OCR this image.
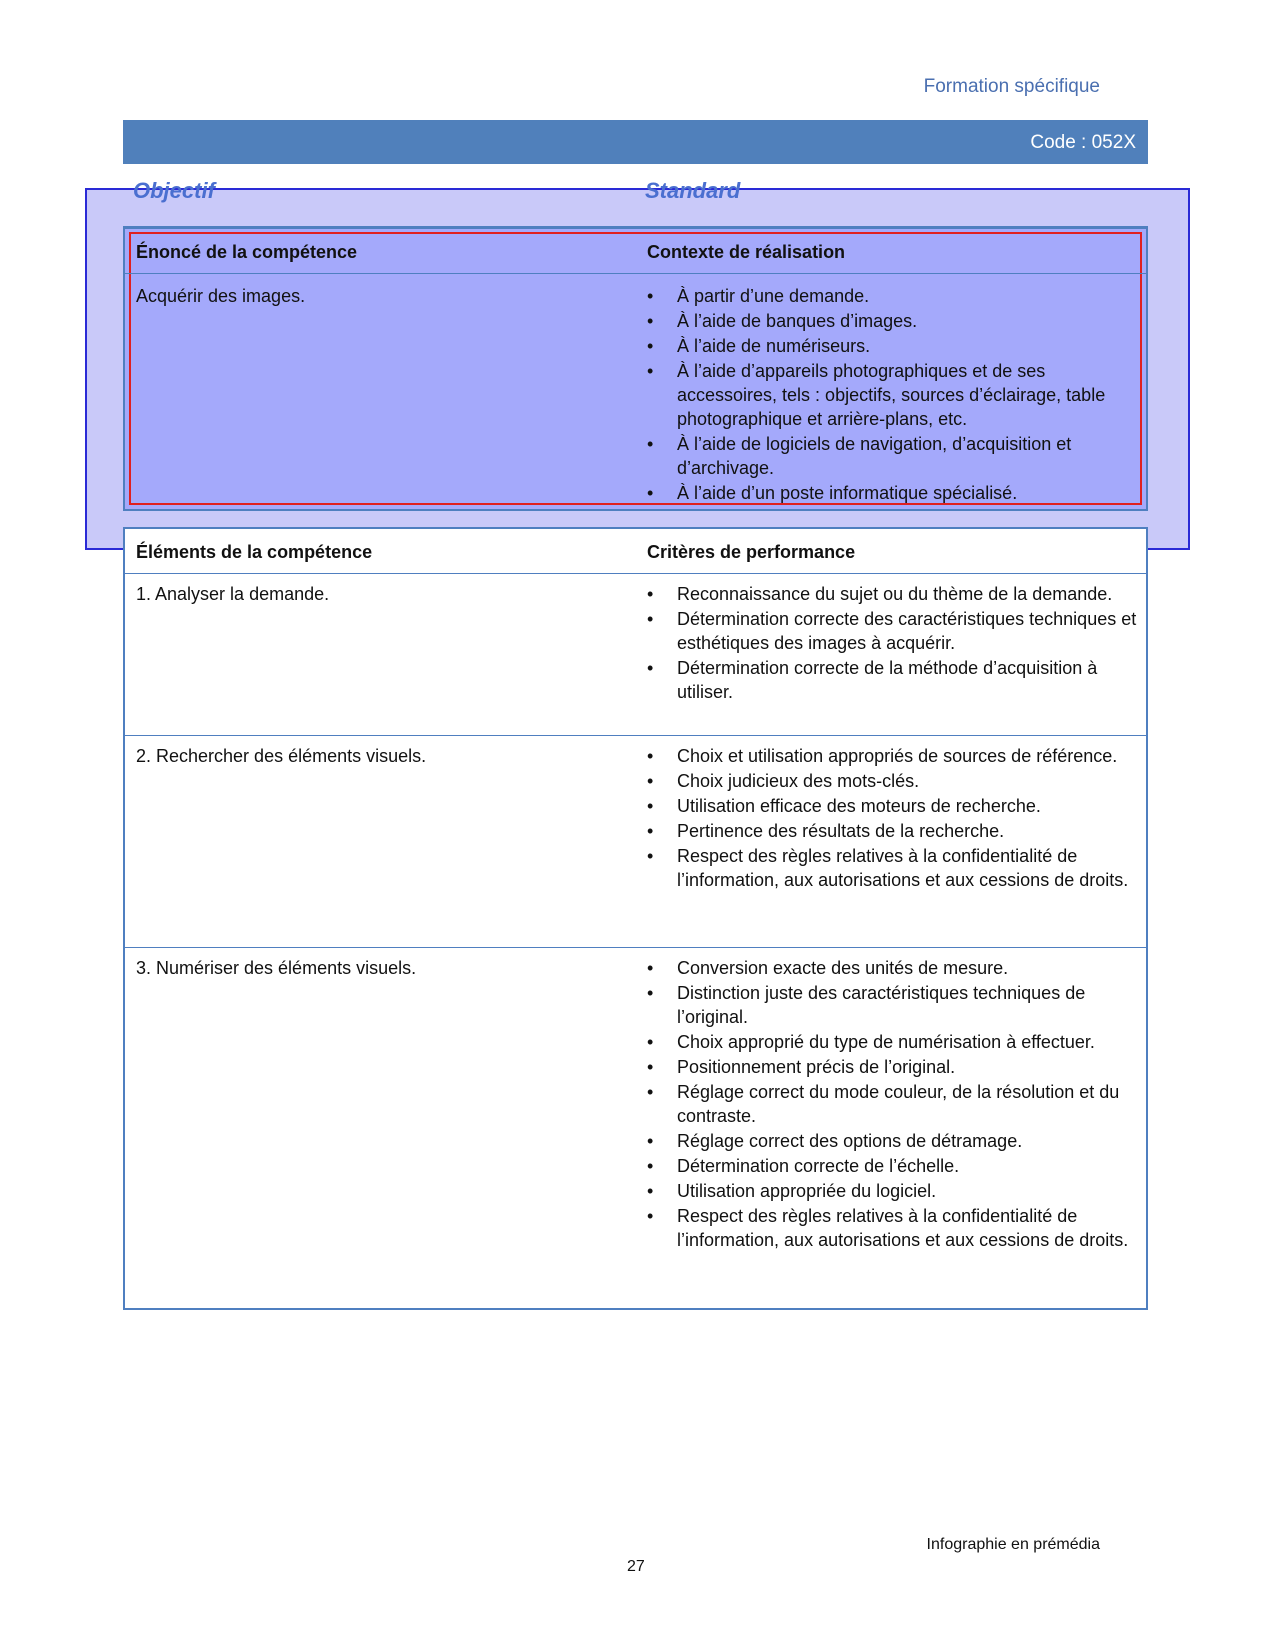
Formation spécifique
Code : 052X
Objectif	Standard
Énoncé de la compétence	Contexte de réalisation
Acquérir des images.	• À partir d’une demande.
• À l’aide de banques d’images.
• À l’aide de numériseurs.
• À l’aide d’appareils photographiques et de ses accessoires, tels : objectifs, sources d’éclairage, table photographique et arrière-plans, etc.
• À l’aide de logiciels de navigation, d’acquisition et d’archivage.
• À l’aide d’un poste informatique spécialisé.
Éléments de la compétence	Critères de performance
1. Analyser la demande.	• Reconnaissance du sujet ou du thème de la demande.
• Détermination correcte des caractéristiques techniques et esthétiques des images à acquérir.
• Détermination correcte de la méthode d’acquisition à utiliser.
2. Rechercher des éléments visuels.	• Choix et utilisation appropriés de sources de référence.
• Choix judicieux des mots-clés.
• Utilisation efficace des moteurs de recherche.
• Pertinence des résultats de la recherche.
• Respect des règles relatives à la confidentialité de l’information, aux autorisations et aux cessions de droits.
3. Numériser des éléments visuels.	• Conversion exacte des unités de mesure.
• Distinction juste des caractéristiques techniques de l’original.
• Choix approprié du type de numérisation à effectuer.
• Positionnement précis de l’original.
• Réglage correct du mode couleur, de la résolution et du contraste.
• Réglage correct des options de détramage.
• Détermination correcte de l’échelle.
• Utilisation appropriée du logiciel.
• Respect des règles relatives à la confidentialité de l’information, aux autorisations et aux cessions de droits.
Infographie en prémédia
27
